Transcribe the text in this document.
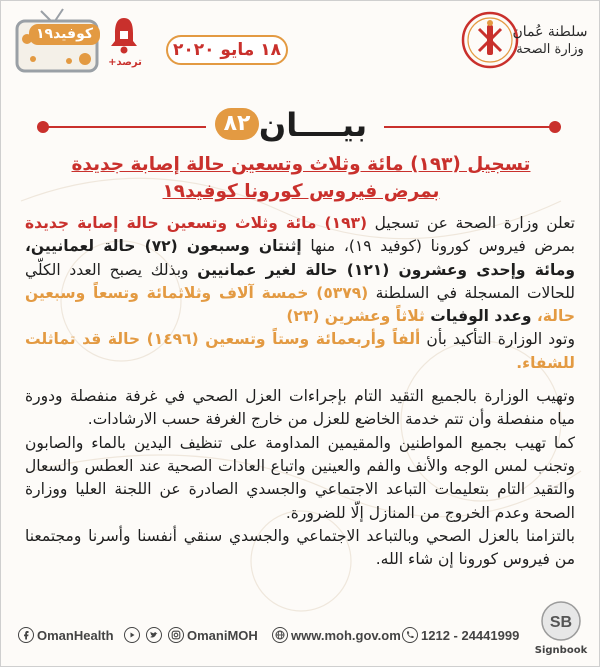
كوفيد١٩
ترصد+
١٨ مايو ٢٠٢٠
سلطنة عُمان
وزارة الصحة
بيــــان
٨٢
تسجيل (١٩٣) مائة وثلاث وتسعين حالة إصابة جديدة
بمرض فيروس كورونا كوفيد١٩

تعلن وزارة الصحة عن تسجيل (١٩٣) مائة وثلاث وتسعين حالة إصابة جديدة بمرض فيروس كورونا (كوفيد ١٩)، منها إثنتان وسبعون (٧٢) حالة لعمانيين، ومائة وإحدى وعشرون (١٢١) حالة لغير عمانيين وبذلك يصبح العدد الكلّي للحالات المسجلة في السلطنة (٥٣٧٩) خمسة آلاف وثلاثمائة وتسعاً وسبعين حالة، وعدد الوفيات ثلاثاً وعشرين (٢٣)

وتود الوزارة التأكيد بأن ألفاً وأربعمائة وستاً وتسعين (١٤٩٦) حالة قد تماثلت للشفاء.

وتهيب الوزارة بالجميع التقيد التام بإجراءات العزل الصحي في غرفة منفصلة ودورة مياه منفصلة وأن تتم خدمة الخاضع للعزل من خارج الغرفة حسب الارشادات.

كما تهيب بجميع المواطنين والمقيمين المداومة على تنظيف اليدين بالماء والصابون وتجنب لمس الوجه والأنف والفم والعينين واتباع العادات الصحية عند العطس والسعال والتقيد التام بتعليمات التباعد الاجتماعي والجسدي الصادرة عن اللجنة العليا ووزارة الصحة وعدم الخروج من المنازل إلّا للضرورة.

بالتزامنا بالعزل الصحي وبالتباعد الاجتماعي والجسدي سنقي أنفسنا وأسرنا ومجتمعنا من فيروس كورونا إن شاء الله.

OmanHealth	OmaniMOH	www.moh.gov.om 1212 - 24441999
SB
Signbook
